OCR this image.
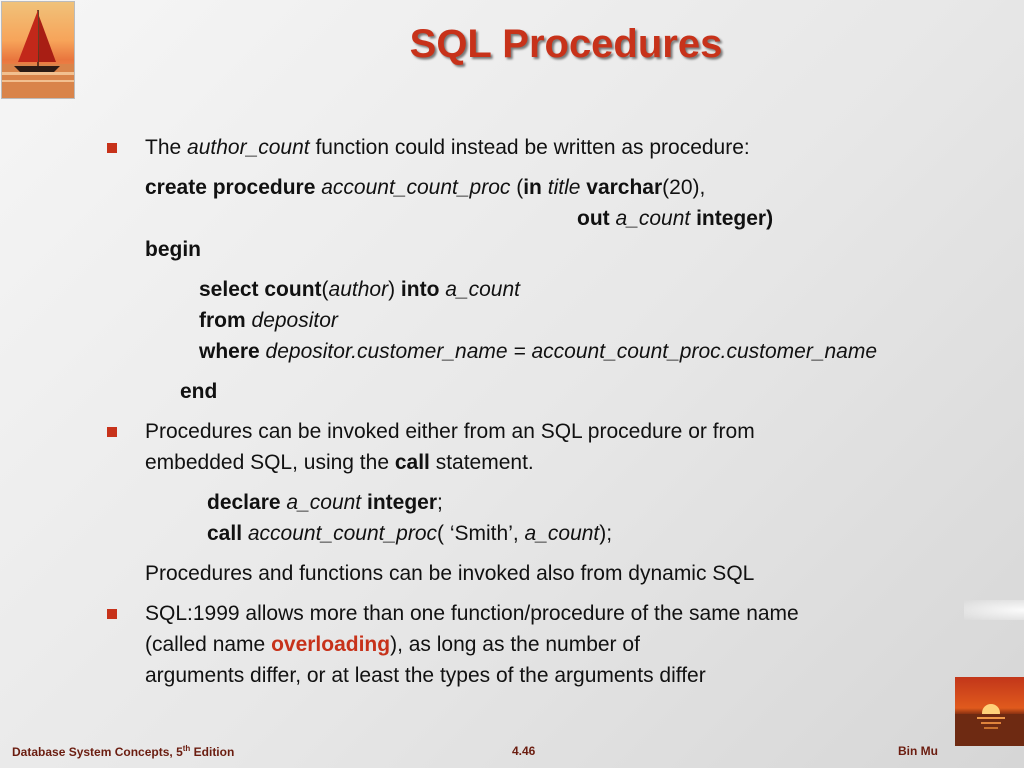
SQL Procedures
The author_count function could instead be written as procedure:
create procedure account_count_proc (in title varchar(20),
out a_count integer)
begin
select count(author) into a_count
from depositor
where depositor.customer_name = account_count_proc.customer_name
end
Procedures can be invoked either from an SQL procedure or from
embedded SQL, using the call statement.
declare a_count integer;
call account_count_proc( ‘Smith’, a_count);
Procedures and functions can be invoked also from dynamic SQL
SQL:1999 allows more than one function/procedure of the same name
(called name overloading), as long as the number of
arguments differ, or at least the types of the arguments differ
Database System Concepts, 5th Edition	4.46	Bin Mu
